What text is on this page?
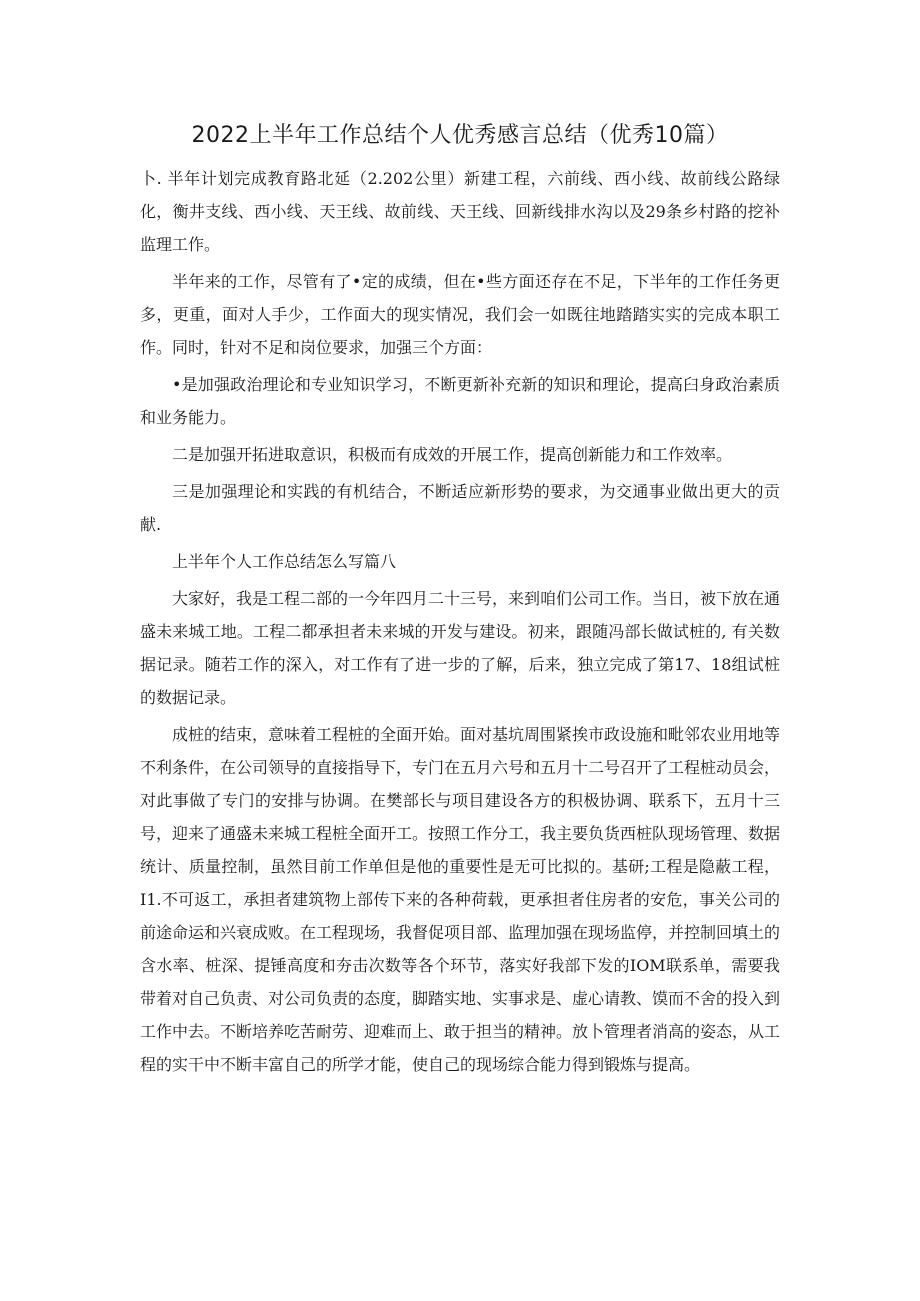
2022上半年工作总结个人优秀感言总结（优秀10篇）

卜. 半年计划完成教育路北延（2.202公里）新建工程，六前线、西小线、故前线公路绿化，衡井支线、西小线、天王线、故前线、天王线、回新线排水沟以及29条乡村路的挖补监理工作。

半年来的工作，尽管有了•定的成绩，但在•些方面还存在不足，下半年的工作任务更多，更重，面对人手少，工作面大的现实情况，我们会一如既往地踏踏实实的完成本职工作。同时，针对不足和岗位要求，加强三个方面：

•是加强政治理论和专业知识学习，不断更新补充新的知识和理论，提高臼身政治素质和业务能力。

二是加强开拓进取意识，积极而有成效的开展工作，提高创新能力和工作效率。

三是加强理论和实践的有机结合，不断适应新形势的要求，为交通事业做出更大的贡献.

上半年个人工作总结怎么写篇八

大家好，我是工程二部的一今年四月二十三号，来到咱们公司工作。当日，被下放在通盛未来城工地。工程二都承担者未来城的开发与建设。初来，跟随冯部长做试桩的, 有关数据记录。随若工作的深入，对工作有了进一步的了解，后来，独立完成了第17、18组试桩的数据记录。

成桩的结束，意味着工程桩的全面开始。面对基坑周围紧挨市政设施和毗邻农业用地等不利条件，在公司领导的直接指导下，专门在五月六号和五月十二号召开了工程桩动员会，对此事做了专门的安排与协调。在樊部长与项目建设各方的积极协调、联系下，五月十三号，迎来了通盛未来城工程桩全面开工。按照工作分工，我主要负货西桩队现场管理、数据统计、质量控制，虽然目前工作单但是他的重要性是无可比拟的。基研;工程是隐蔽工程，I1.不可返工，承担者建筑物上部传下来的各种荷载，更承担者住房者的安危，事关公司的前途命运和兴衰成败。在工程现场，我督促项目部、监理加强在现场监停，并控制回填土的含水率、桩深、提锤高度和夯击次数等各个环节，落实好我部下发的IOM联系单，需要我带着对自己负责、对公司负责的态度，脚踏实地、实事求是、虚心请教、馍而不舍的投入到工作中去。不断培养吃苦耐劳、迎难而上、敢于担当的精神。放卜管理者消高的姿态，从工程的实干中不断丰富自己的所学才能，使自己的现场综合能力得到锻炼与提高。
